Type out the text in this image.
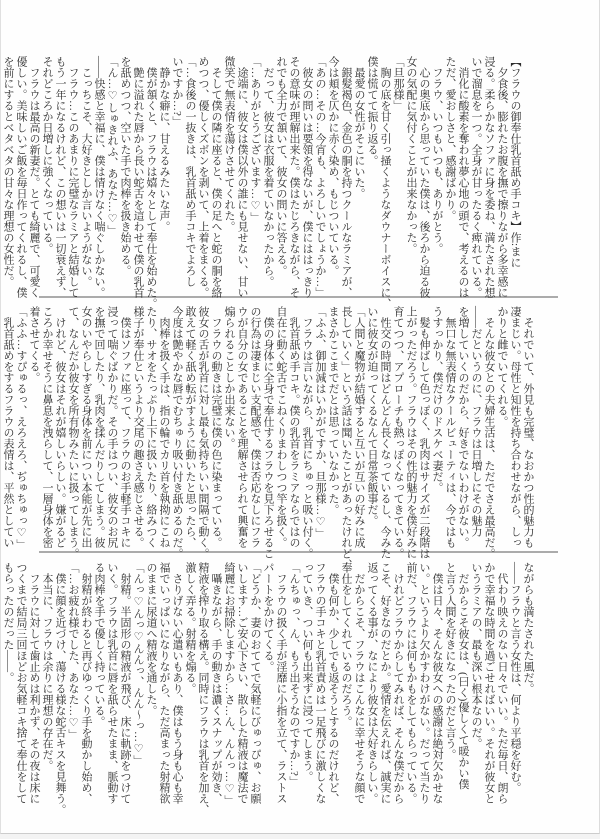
【フラウの御奉仕乳首舐め手コキ】作:まに

　夕食後、膨れたお腹を撫で擦りながら多幸感に

浸る。柔らかなソファに身を委ね、満たされた想

いで溜息を一つ。全身が甘ったるく痺れている。

　消化に酸素を奪われ夢心地の頭で、考えるのは

ただ、愛おしさと、感謝ばかり。

　フラウ、いつもいつも、ありがとう。

　心の奥底から思っていた僕は、後ろから迫る彼

女の気配に気付くことが出来なかった。

「旦那様」

　胸の底を甘く引っ掻くようなダウナーボイスに、

僕は慌てて振り返る。

　最愛の女性がそこにいた。

　銀髪褐色、金色の胴を持つクールなラミアが、

今は頬を仄かに赤く染め、もじついている。

「あの…その…今宵も、よろしいでしょうか…」

　彼女の問いは要領を得ないが、僕にははっきり

その意味が理解出来た。僕はたじろきながら、そ

れでも全力で頷いて、彼女の問いに答える。

　だって、彼女は衣服を着ていなかったから。

「…ありがとうございます…♡」

　途端に、彼女は僕以外の誰にも見せない、甘い

微笑で無表情を蕩けさせてくれた。

　そして僕の隣に座ると、僕の足へと蛇の胴を絡

めつつ、優しくズボンを剥いて、上着をまくる。

「…食後の一抜きは、乳首舐め手コキでよろし

いですか…?」

　静かな癖に、甘えるみたいな声。

　僕が頷くと、フラウは嬉々として奉仕を始めた。

　艶に溢れた唇から長い蛇舌を這わせて僕の乳首

を舐めつつ、空いた手で肉棒を扱き始める。

「ん…♡しゅきれふ、あなた…♡」

――快感と幸福に、僕は情けなく喘ぐしかない。

　こっちこそ、大好きとしか言いようがない。

　フラウ…このあまりに完璧なラミアと結婚して

もう一年になるけれど、この想いは一切衰えず、

それどころか日増しに強くなっている。

　フラウは最高の新妻だ。とても綺麗で、可愛く

優しい。美味しいご飯を毎日作ってくれるし、僕

を前にするとベタベタの甘々な理想の女性だ。

　それでいて、外見も完璧、なおかつ性的魅力も

凄まじい。母性と知性を持ち合わせながら、しっ

かりと雌でいてくれる。

　そんな彼女との夫婦生活は、ただでさえ最高だ。

――だというのに、フラウは日増しにその魅力

を増していくのだから、好きでないわけがない。

　無口な無表情なクールビューティは、今ではも

うすっかり、僕だけのドスケベ妻だ。

　髪も伸ばして色っぽく、乳肉はサイズが二段階は

上がっただろう。フラウはその性的魅力を僕好みに

育てつつ、アプローチも熱っぽくなってきている。

　性交の時間はどんどん長くなっているし、今みた

いに彼女が迫ってくるなんて日常茶飯事だ。

「人間と魔物が結婚すると互いが互いの好みに成

長していく」という話は聞いたことがあったけれど、

まさかここまでだとは思っていなかった。

「ふふ、御加減はいかがですか、旦那様…♡」

　フラウは言いながら、乳首にちゅっと吸い付く。

　乳首舐め手コキ。僕の乳首をラミアならではの

自在に動く蛇舌でこねくりまわしつつ竿を扱く。

　僕の身体に全身で奉仕するフラウを見下ろせるこ

の行為は凄まじい支配感で、僕は否応なしにフラ

ウが自分の女であることを理解させられて興奮を

煽られることしか出来ない。

　フラウの動きは完璧に僕の色に染まっている。

彼女の舌が乳首に対し最も気持ちいい間隔で動く。

敢えて軽く舐め転がすように動いたと思ったら、

今度は艶やかな唇でむちゅり吸い付き舐めるのだ。

　肉棒を扱く手は、指の輪でカリ首を執拗にこね

たり、サオをたっぷり上下に扱いたり、絡みつく

様子が奉仕というより交尾の趣さえ感じさせる。

　僕はソファに座って、フラウのお手軽手コキに

浸って喘ぐばかりだ。その手はつい、彼女のお尻

を撫で回したり、乳肉を揉んだりしてしまう。彼

女のいやらしすぎる身体を前につい本能が先に出

て、なんだか彼女を所有物みたいに扱ってしまう。

　けれど、彼女はそれが嬉しいらしい。嫌がるど

ころか幸せそうに鼻息を洩らして、一層身体を密

着させてくる。

「ふふ…すぴゅるっ、えろえろ、ぢゅちゅっ♡」

　乳首舐めをするフラウの表情は、平然としてい

ながらも満たされた風だ。

――フラウと言う女性は、何より平穏を好む。

　代わり映えのない日々でいい。ただ毎日、朗ら

かで幸福な時間を過ごせればいい。それが彼女と

いうラミアの、最も深い根本なのだ。

　だからこそ彼女は、(曰く)優しくて暖かい僕

と言う人間を好きになったのだと言う。

　僕は日々、そんな彼女への感謝は絶対欠かせな

い。というより欠かすわけがない。だって当たり

前だ、フラウには何もかもをしてもらっている。

　けれどフラウからしてみれば、そんな僕だから

こそ、好きなのだとか。愛情を伝えれば、誠実に

返ってくる事が、なにより彼女は大好きらしい。

　だからこそ、フラウはこんなに幸せそうな顔で

奉仕をしてくれているのだろう。

　僕も何か、少しでも返そうとするのだけれど、

フラウの手コキと乳首責めは一足飛びに激しくな

っていき、つい何も出来ずに浸ってしまう。

「んちゅっ、ん、もう出そうなのですか…?」

　フラウの扱く手が淫靡に小指を立て、ラストス

パートをかけてくる。

「どうか、妻のおててで気軽にびゅっぴゅ、お願

いします…ご安心下さい、散らした精液は魔法で

綺麗にお掃除しますから…さ…ん、んんっ…♡」

　囁きながら、手の動きは濃くスナップが効き、

精液を搾り取る構え。同時にフラウは乳首を加え、

激しく弄る。射精を煽る。

　さりげない心遣いもあり、僕はもう身も心も幸

福でいっぱいになりながら、ただ高まった射精欲

のままに尿道へ精液を通した。

「んっ♡んっ♡んんっ、んん〜っ…♡」

　射精。半固形の精液が飛び、床に軌跡をつけて

いく。フラウは乳首に唇を舐らせたまま、脈動す

る肉棒を手で優しく持っている。

　射精が終わると再びゆっくり手を動かし始め、

「…お疲れ様でした、あなた…♡」

　僕に顔を近づけ、蕩ける様な蛇舌キスを見舞う。

　本当に、フラウは余りに理想の存在だ。

　フラウに対して歯止めは利かず、その夜は床に

つくまで結局三回ほどお気軽コキ捨て奉仕をして

もらったのだった――。
